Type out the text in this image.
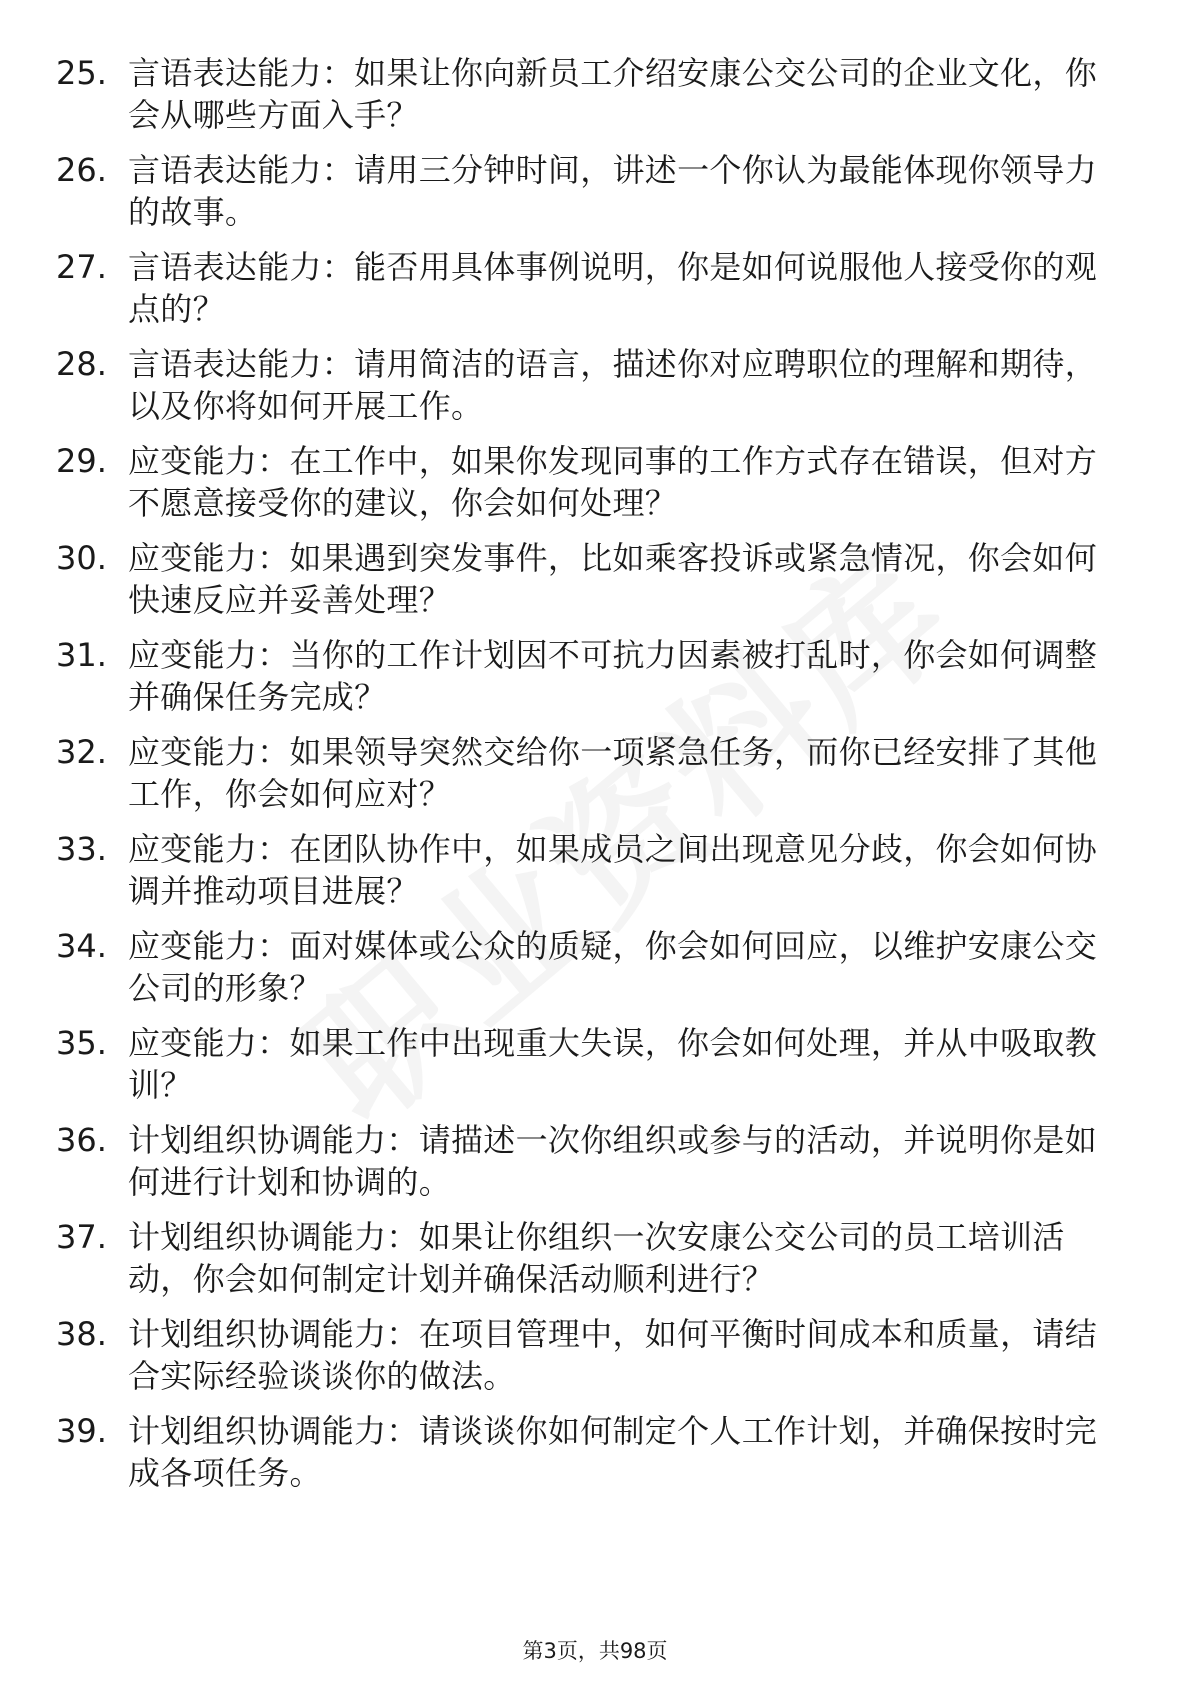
25. 言语表达能力：如果让你向新员工介绍安康公交公司的企业文化，你会从哪些方面入手？
26. 言语表达能力：请用三分钟时间，讲述一个你认为最能体现你领导力的故事。
27. 言语表达能力：能否用具体事例说明，你是如何说服他人接受你的观点的？
28. 言语表达能力：请用简洁的语言，描述你对应聘职位的理解和期待，以及你将如何开展工作。
29. 应变能力：在工作中，如果你发现同事的工作方式存在错误，但对方不愿意接受你的建议，你会如何处理？
30. 应变能力：如果遇到突发事件，比如乘客投诉或紧急情况，你会如何快速反应并妥善处理？
31. 应变能力：当你的工作计划因不可抗力因素被打乱时，你会如何调整并确保任务完成？
32. 应变能力：如果领导突然交给你一项紧急任务，而你已经安排了其他工作，你会如何应对？
33. 应变能力：在团队协作中，如果成员之间出现意见分歧，你会如何协调并推动项目进展？
34. 应变能力：面对媒体或公众的质疑，你会如何回应，以维护安康公交公司的形象？
35. 应变能力：如果工作中出现重大失误，你会如何处理，并从中吸取教训？
36. 计划组织协调能力：请描述一次你组织或参与的活动，并说明你是如何进行计划和协调的。
37. 计划组织协调能力：如果让你组织一次安康公交公司的员工培训活动，你会如何制定计划并确保活动顺利进行？
38. 计划组织协调能力：在项目管理中，如何平衡时间成本和质量，请结合实际经验谈谈你的做法。
39. 计划组织协调能力：请谈谈你如何制定个人工作计划，并确保按时完成各项任务。
第3页，共98页
